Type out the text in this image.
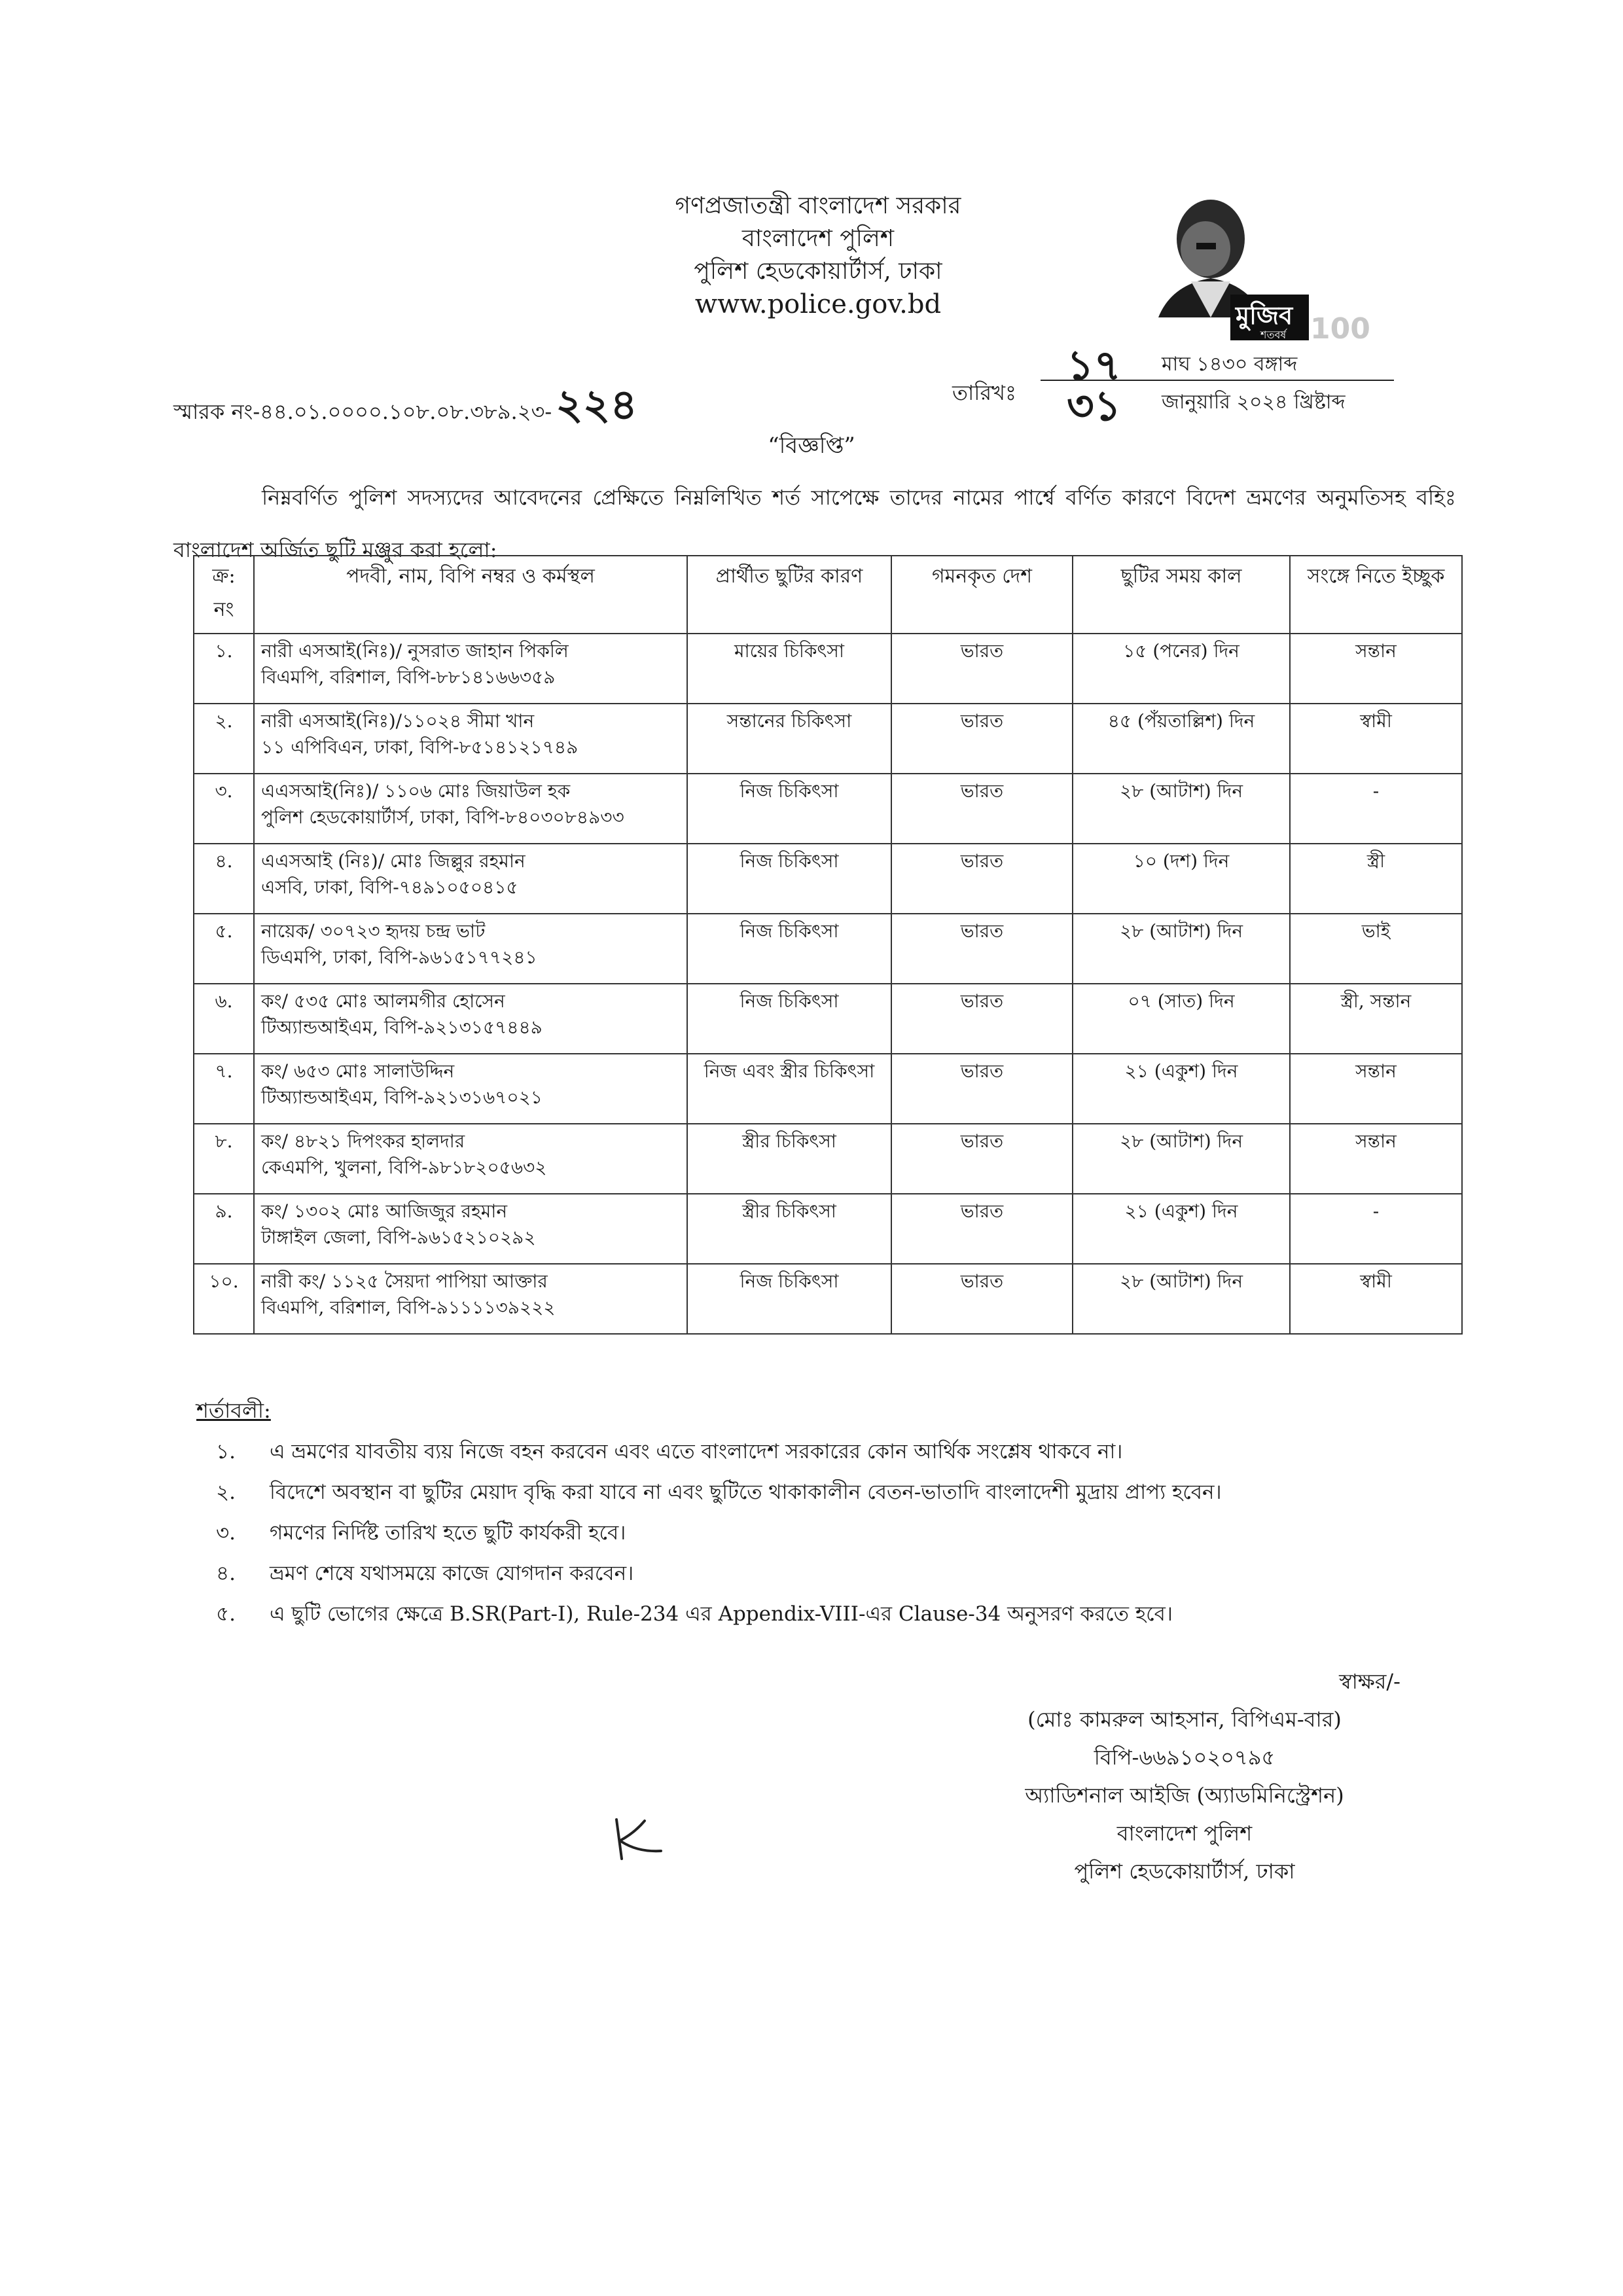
গণপ্রজাতন্ত্রী বাংলাদেশ সরকার
বাংলাদেশ পুলিশ
পুলিশ হেডকোয়ার্টার্স, ঢাকা
www.police.gov.bd	মুজিব
শতবর্ষ 100
স্মারক নং-৪৪.০১.০০০০.১০৮.০৮.৩৮৯.২৩-২২৪	তারিখঃ
১৭ মাঘ ১৪৩০ বঙ্গাব্দ
৩১ জানুয়ারি ২০২৪ খ্রিষ্টাব্দ
“বিজ্ঞপ্তি”
নিম্নবর্ণিত পুলিশ সদস্যদের আবেদনের প্রেক্ষিতে নিম্নলিখিত শর্ত সাপেক্ষে তাদের নামের পার্শ্বে বর্ণিত কারণে বিদেশ ভ্রমণের অনুমতিসহ বহিঃ বাংলাদেশ অর্জিত ছুটি মঞ্জুর করা হলো:
ক্র: নং	পদবী, নাম, বিপি নম্বর ও কর্মস্থল	প্রার্থীত ছুটির কারণ	গমনকৃত দেশ	ছুটির সময় কাল	সংঙ্গে নিতে ইচ্ছুক
১.	নারী এসআই(নিঃ)/ নুসরাত জাহান পিকলি
বিএমপি, বরিশাল, বিপি-৮৮১৪১৬৬৩৫৯	মায়ের চিকিৎসা	ভারত	১৫ (পনের) দিন	সন্তান
২.	নারী এসআই(নিঃ)/১১০২৪ সীমা খান
১১ এপিবিএন, ঢাকা, বিপি-৮৫১৪১২১৭৪৯	সন্তানের চিকিৎসা	ভারত	৪৫ (পঁয়তাল্লিশ) দিন	স্বামী
৩.	এএসআই(নিঃ)/ ১১০৬ মোঃ জিয়াউল হক
পুলিশ হেডকোয়ার্টার্স, ঢাকা, বিপি-৮৪০৩০৮৪৯৩৩	নিজ চিকিৎসা	ভারত	২৮ (আটাশ) দিন	-
৪.	এএসআই (নিঃ)/ মোঃ জিল্লুর রহমান
এসবি, ঢাকা, বিপি-৭৪৯১০৫০৪১৫	নিজ চিকিৎসা	ভারত	১০ (দশ) দিন	স্ত্রী
৫.	নায়েক/ ৩০৭২৩ হৃদয় চন্দ্র ভাট
ডিএমপি, ঢাকা, বিপি-৯৬১৫১৭৭২৪১	নিজ চিকিৎসা	ভারত	২৮ (আটাশ) দিন	ভাই
৬.	কং/ ৫৩৫ মোঃ আলমগীর হোসেন
টিঅ্যান্ডআইএম, বিপি-৯২১৩১৫৭৪৪৯	নিজ চিকিৎসা	ভারত	০৭ (সাত) দিন	স্ত্রী, সন্তান
৭.	কং/ ৬৫৩ মোঃ সালাউদ্দিন
টিঅ্যান্ডআইএম, বিপি-৯২১৩১৬৭০২১	নিজ এবং স্ত্রীর চিকিৎসা	ভারত	২১ (একুশ) দিন	সন্তান
৮.	কং/ ৪৮২১ দিপংকর হালদার
কেএমপি, খুলনা, বিপি-৯৮১৮২০৫৬৩২	স্ত্রীর চিকিৎসা	ভারত	২৮ (আটাশ) দিন	সন্তান
৯.	কং/ ১৩০২ মোঃ আজিজুর রহমান
টাঙ্গাইল জেলা, বিপি-৯৬১৫২১০২৯২	স্ত্রীর চিকিৎসা	ভারত	২১ (একুশ) দিন	-
১০.	নারী কং/ ১১২৫ সৈয়দা পাপিয়া আক্তার
বিএমপি, বরিশাল, বিপি-৯১১১১৩৯২২২	নিজ চিকিৎসা	ভারত	২৮ (আটাশ) দিন	স্বামী
শর্তাবলী:
১. এ ভ্রমণের যাবতীয় ব্যয় নিজে বহন করবেন এবং এতে বাংলাদেশ সরকারের কোন আর্থিক সংশ্লেষ থাকবে না।
২. বিদেশে অবস্থান বা ছুটির মেয়াদ বৃদ্ধি করা যাবে না এবং ছুটিতে থাকাকালীন বেতন-ভাতাদি বাংলাদেশী মুদ্রায় প্রাপ্য হবেন।
৩. গমণের নির্দিষ্ট তারিখ হতে ছুটি কার্যকরী হবে।
৪. ভ্রমণ শেষে যথাসময়ে কাজে যোগদান করবেন।
৫. এ ছুটি ভোগের ক্ষেত্রে B.SR(Part-I), Rule-234 এর Appendix-VIII-এর Clause-34 অনুসরণ করতে হবে।
স্বাক্ষর/-
(মোঃ কামরুল আহসান, বিপিএম-বার)
বিপি-৬৬৯১০২০৭৯৫
অ্যাডিশনাল আইজি (অ্যাডমিনিস্ট্রেশন)
বাংলাদেশ পুলিশ
পুলিশ হেডকোয়ার্টার্স, ঢাকা
